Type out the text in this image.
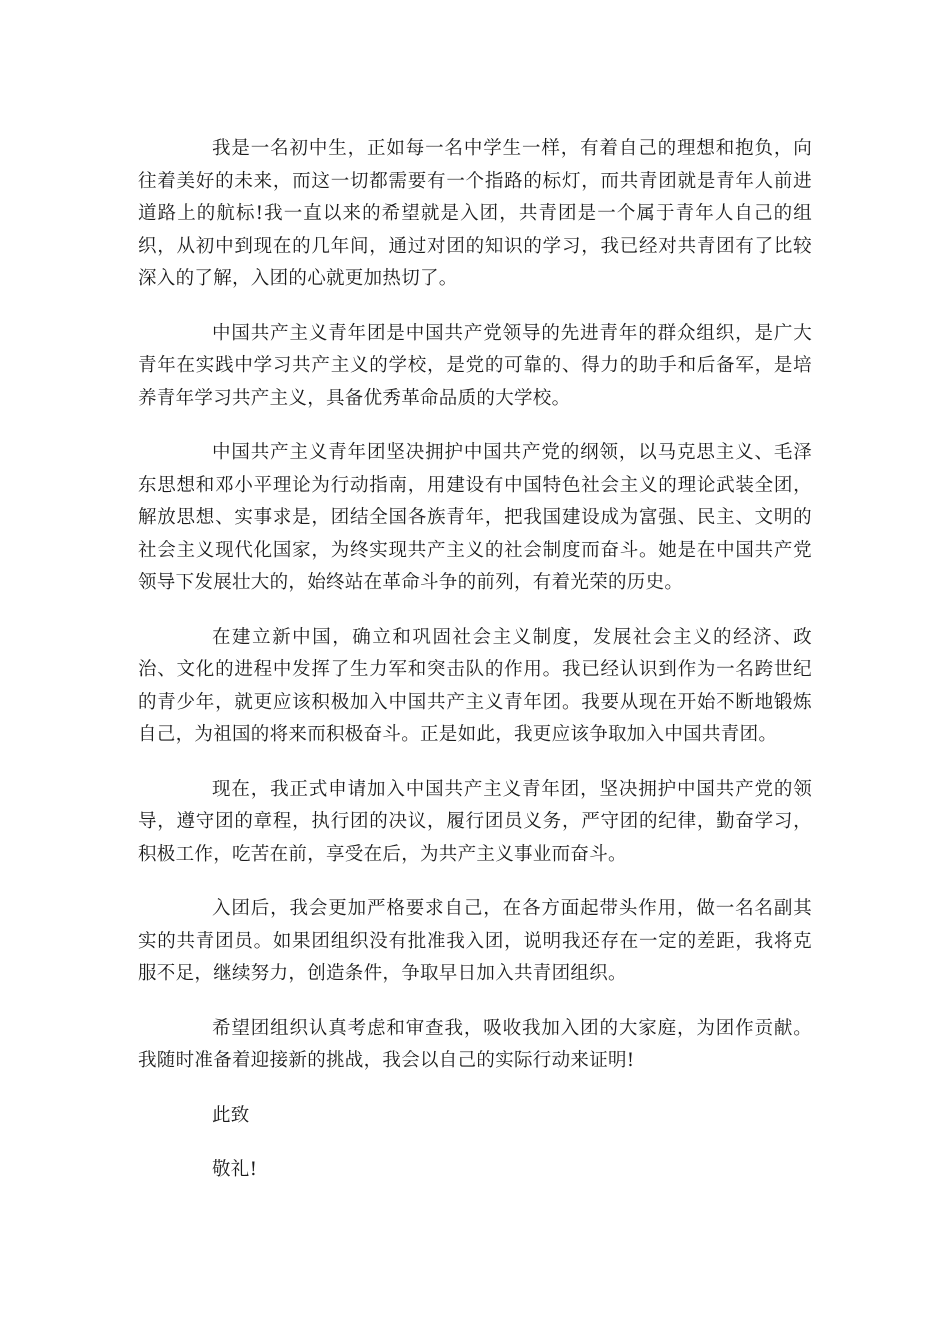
我是一名初中生，正如每一名中学生一样，有着自己的理想和抱负，向往着美好的未来，而这一切都需要有一个指路的标灯，而共青团就是青年人前进道路上的航标!我一直以来的希望就是入团，共青团是一个属于青年人自己的组织，从初中到现在的几年间，通过对团的知识的学习，我已经对共青团有了比较深入的了解，入团的心就更加热切了。

中国共产主义青年团是中国共产党领导的先进青年的群众组织，是广大青年在实践中学习共产主义的学校，是党的可靠的、得力的助手和后备军，是培养青年学习共产主义，具备优秀革命品质的大学校。

中国共产主义青年团坚决拥护中国共产党的纲领，以马克思主义、毛泽东思想和邓小平理论为行动指南，用建设有中国特色社会主义的理论武装全团，解放思想、实事求是，团结全国各族青年，把我国建设成为富强、民主、文明的社会主义现代化国家，为终实现共产主义的社会制度而奋斗。她是在中国共产党领导下发展壮大的，始终站在革命斗争的前列，有着光荣的历史。

在建立新中国，确立和巩固社会主义制度，发展社会主义的经济、政治、文化的进程中发挥了生力军和突击队的作用。我已经认识到作为一名跨世纪的青少年，就更应该积极加入中国共产主义青年团。我要从现在开始不断地锻炼自己，为祖国的将来而积极奋斗。正是如此，我更应该争取加入中国共青团。

现在，我正式申请加入中国共产主义青年团，坚决拥护中国共产党的领导，遵守团的章程，执行团的决议，履行团员义务，严守团的纪律，勤奋学习，积极工作，吃苦在前，享受在后，为共产主义事业而奋斗。

入团后，我会更加严格要求自己，在各方面起带头作用，做一名名副其实的共青团员。如果团组织没有批准我入团，说明我还存在一定的差距，我将克服不足，继续努力，创造条件，争取早日加入共青团组织。

希望团组织认真考虑和审查我，吸收我加入团的大家庭，为团作贡献。我随时准备着迎接新的挑战，我会以自己的实际行动来证明!

此致

敬礼!
